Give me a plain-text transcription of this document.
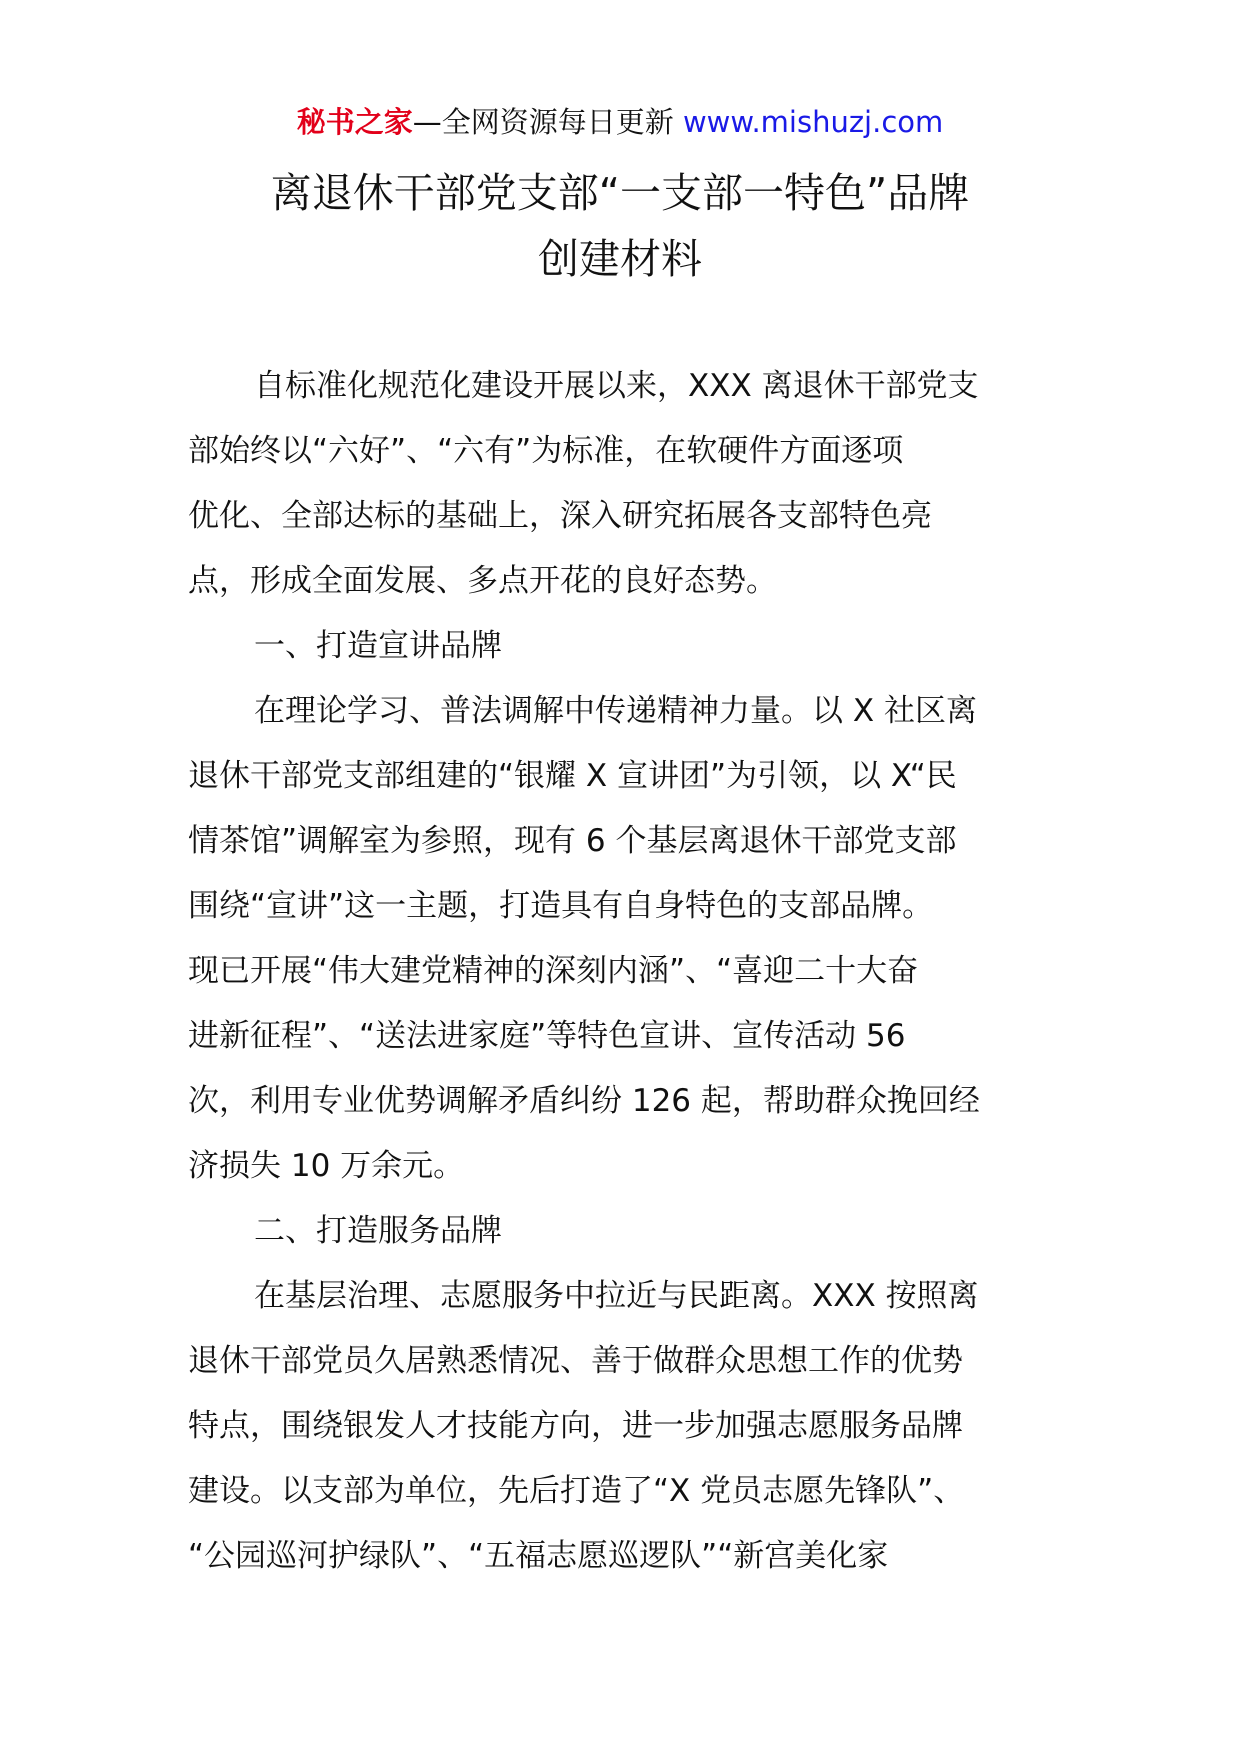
秘书之家—全网资源每日更新 www.mishuzj.com
离退休干部党支部“一支部一特色”品牌
创建材料
自标准化规范化建设开展以来，XXX 离退休干部党支
部始终以“六好”、“六有”为标准，在软硬件方面逐项
优化、全部达标的基础上，深入研究拓展各支部特色亮
点，形成全面发展、多点开花的良好态势。
一、打造宣讲品牌
在理论学习、普法调解中传递精神力量。以 X 社区离
退休干部党支部组建的“银耀 X 宣讲团”为引领，以 X“民
情茶馆”调解室为参照，现有 6 个基层离退休干部党支部
围绕“宣讲”这一主题，打造具有自身特色的支部品牌。
现已开展“伟大建党精神的深刻内涵”、“喜迎二十大奋
进新征程”、“送法进家庭”等特色宣讲、宣传活动 56
次，利用专业优势调解矛盾纠纷 126 起，帮助群众挽回经
济损失 10 万余元。
二、打造服务品牌
在基层治理、志愿服务中拉近与民距离。XXX 按照离
退休干部党员久居熟悉情况、善于做群众思想工作的优势
特点，围绕银发人才技能方向，进一步加强志愿服务品牌
建设。以支部为单位，先后打造了“X 党员志愿先锋队”、
“公园巡河护绿队”、“五福志愿巡逻队”“新宫美化家
